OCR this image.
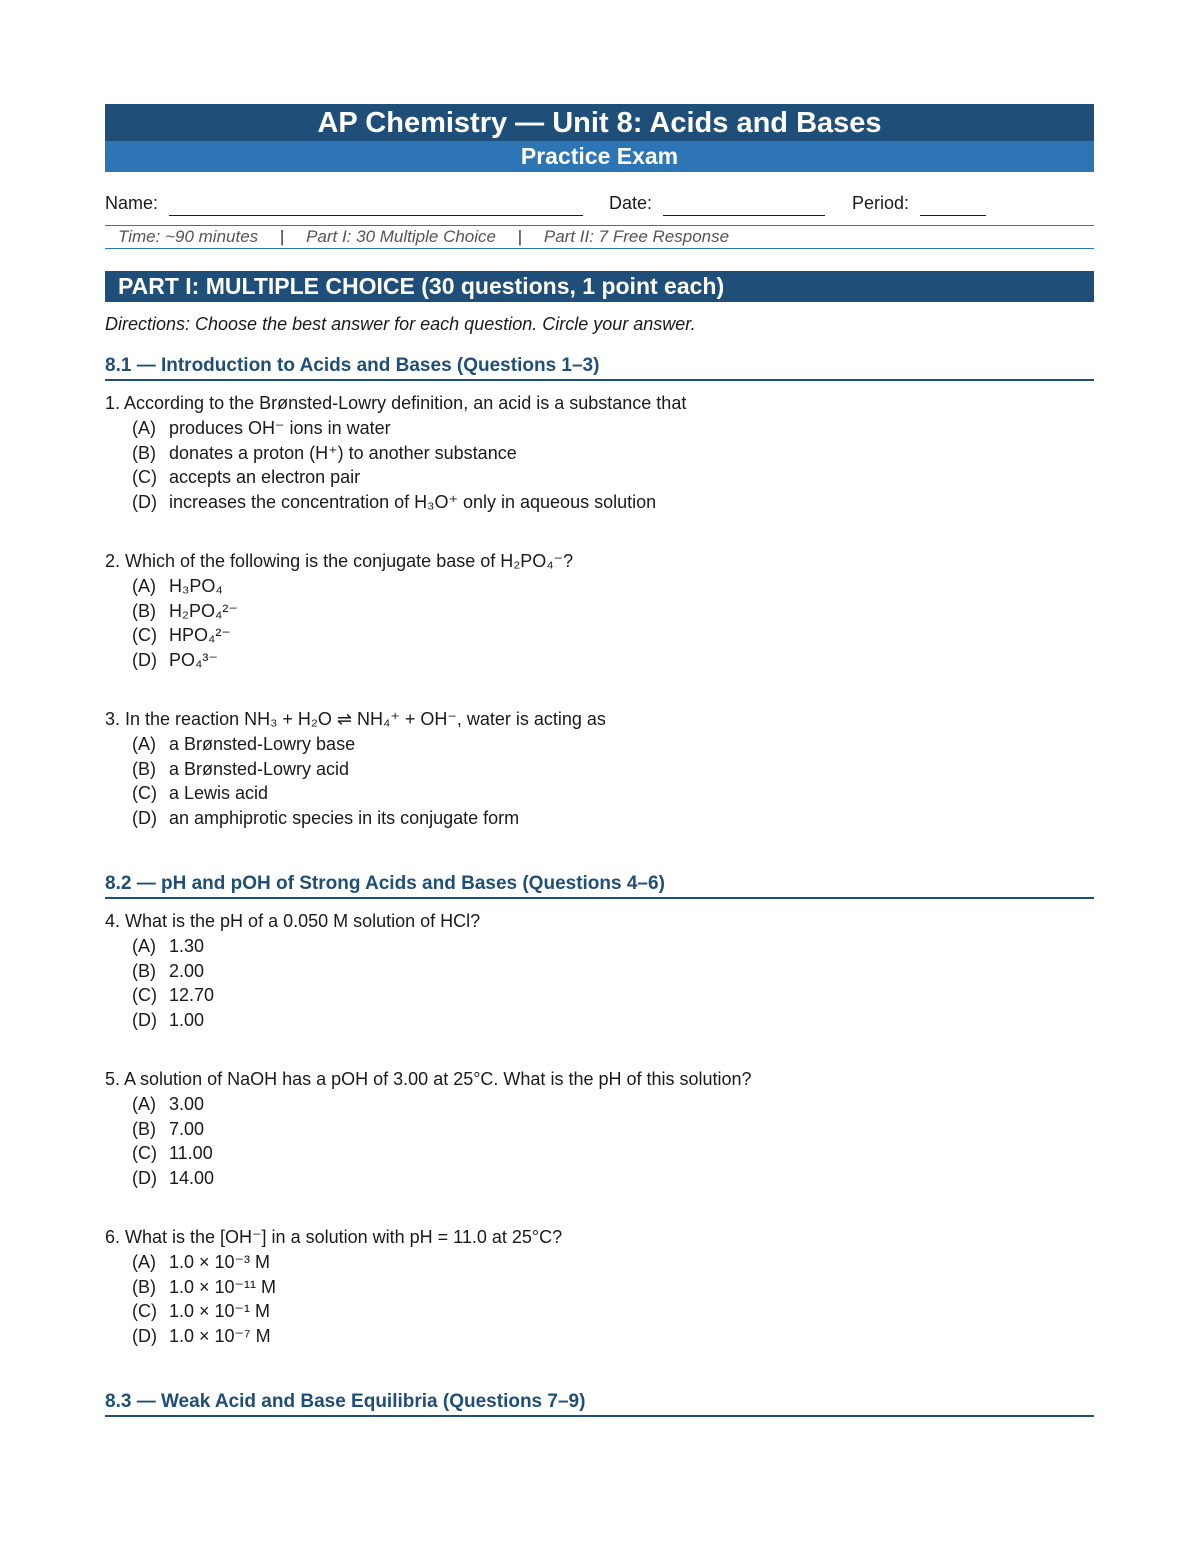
AP Chemistry — Unit 8: Acids and Bases
Practice Exam
Name:	Date:	Period:
Time: ~90 minutes | Part I: 30 Multiple Choice | Part II: 7 Free Response
PART I: MULTIPLE CHOICE (30 questions, 1 point each)
Directions: Choose the best answer for each question. Circle your answer.
8.1 — Introduction to Acids and Bases (Questions 1–3)
1. According to the Brønsted-Lowry definition, an acid is a substance that
(A) produces OH⁻ ions in water
(B) donates a proton (H⁺) to another substance
(C) accepts an electron pair
(D) increases the concentration of H₃O⁺ only in aqueous solution
2. Which of the following is the conjugate base of H₂PO₄⁻?
(A) H₃PO₄
(B) H₂PO₄²⁻
(C) HPO₄²⁻
(D) PO₄³⁻
3. In the reaction NH₃ + H₂O ⇌ NH₄⁺ + OH⁻, water is acting as
(A) a Brønsted-Lowry base
(B) a Brønsted-Lowry acid
(C) a Lewis acid
(D) an amphiprotic species in its conjugate form
8.2 — pH and pOH of Strong Acids and Bases (Questions 4–6)
4. What is the pH of a 0.050 M solution of HCl?
(A) 1.30
(B) 2.00
(C) 12.70
(D) 1.00
5. A solution of NaOH has a pOH of 3.00 at 25°C. What is the pH of this solution?
(A) 3.00
(B) 7.00
(C) 11.00
(D) 14.00
6. What is the [OH⁻] in a solution with pH = 11.0 at 25°C?
(A) 1.0 × 10⁻³ M
(B) 1.0 × 10⁻¹¹ M
(C) 1.0 × 10⁻¹ M
(D) 1.0 × 10⁻⁷ M
8.3 — Weak Acid and Base Equilibria (Questions 7–9)
